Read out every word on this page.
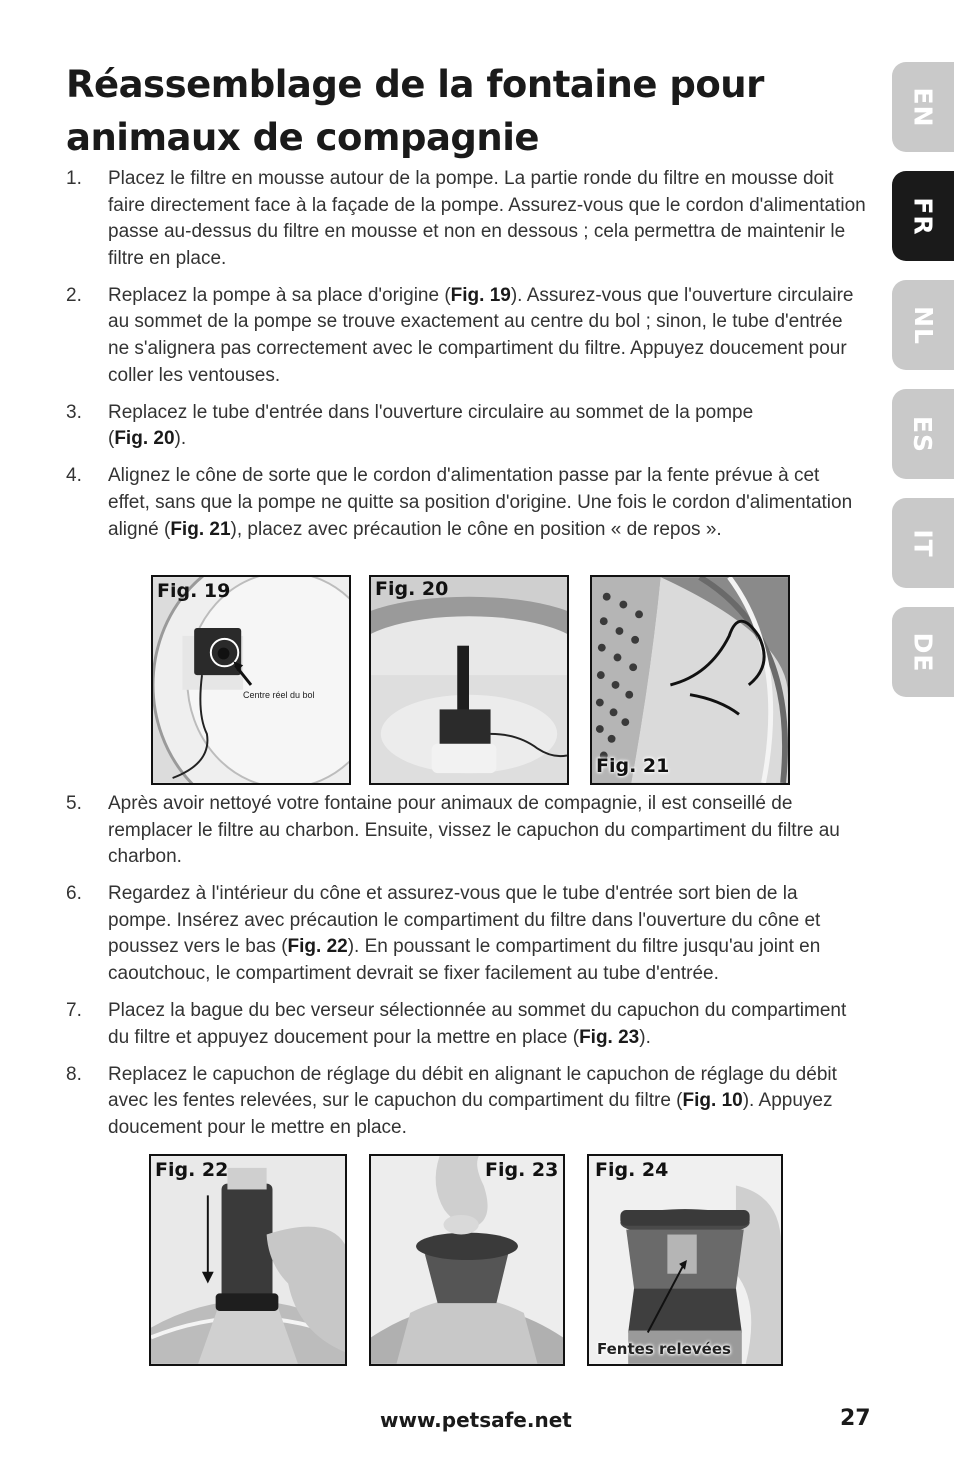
Réassemblage de la fontaine pour animaux de compagnie
EN
FR
NL
ES
IT
DE
1. Placez le filtre en mousse autour de la pompe. La partie ronde du filtre en mousse doit faire directement face à la façade de la pompe. Assurez-vous que le cordon d'alimentation passe au-dessus du filtre en mousse et non en dessous ; cela permettra de maintenir le filtre en place.
2. Replacez la pompe à sa place d'origine (Fig. 19). Assurez-vous que l'ouverture circulaire au sommet de la pompe se trouve exactement au centre du bol ; sinon, le tube d'entrée ne s'alignera pas correctement avec le compartiment du filtre. Appuyez doucement pour coller les ventouses.
3. Replacez le tube d'entrée dans l'ouverture circulaire au sommet de la pompe (Fig. 20).
4. Alignez le cône de sorte que le cordon d'alimentation passe par la fente prévue à cet effet, sans que la pompe ne quitte sa position d'origine. Une fois le cordon d'alimentation aligné (Fig. 21), placez avec précaution le cône en position « de repos ».
Fig. 19
Centre réel du bol
Fig. 20
Fig. 21
5. Après avoir nettoyé votre fontaine pour animaux de compagnie, il est conseillé de remplacer le filtre au charbon. Ensuite, vissez le capuchon du compartiment du filtre au charbon.
6. Regardez à l'intérieur du cône et assurez-vous que le tube d'entrée sort bien de la pompe. Insérez avec précaution le compartiment du filtre dans l'ouverture du cône et poussez vers le bas (Fig. 22). En poussant le compartiment du filtre jusqu'au joint en caoutchouc, le compartiment devrait se fixer facilement au tube d'entrée.
7. Placez la bague du bec verseur sélectionnée au sommet du capuchon du compartiment du filtre et appuyez doucement pour la mettre en place (Fig. 23).
8. Replacez le capuchon de réglage du débit en alignant le capuchon de réglage du débit avec les fentes relevées, sur le capuchon du compartiment du filtre (Fig. 10). Appuyez doucement pour le mettre en place.
Fig. 22	Fig. 23 Fig. 24
Fentes relevées
www.petsafe.net	27
